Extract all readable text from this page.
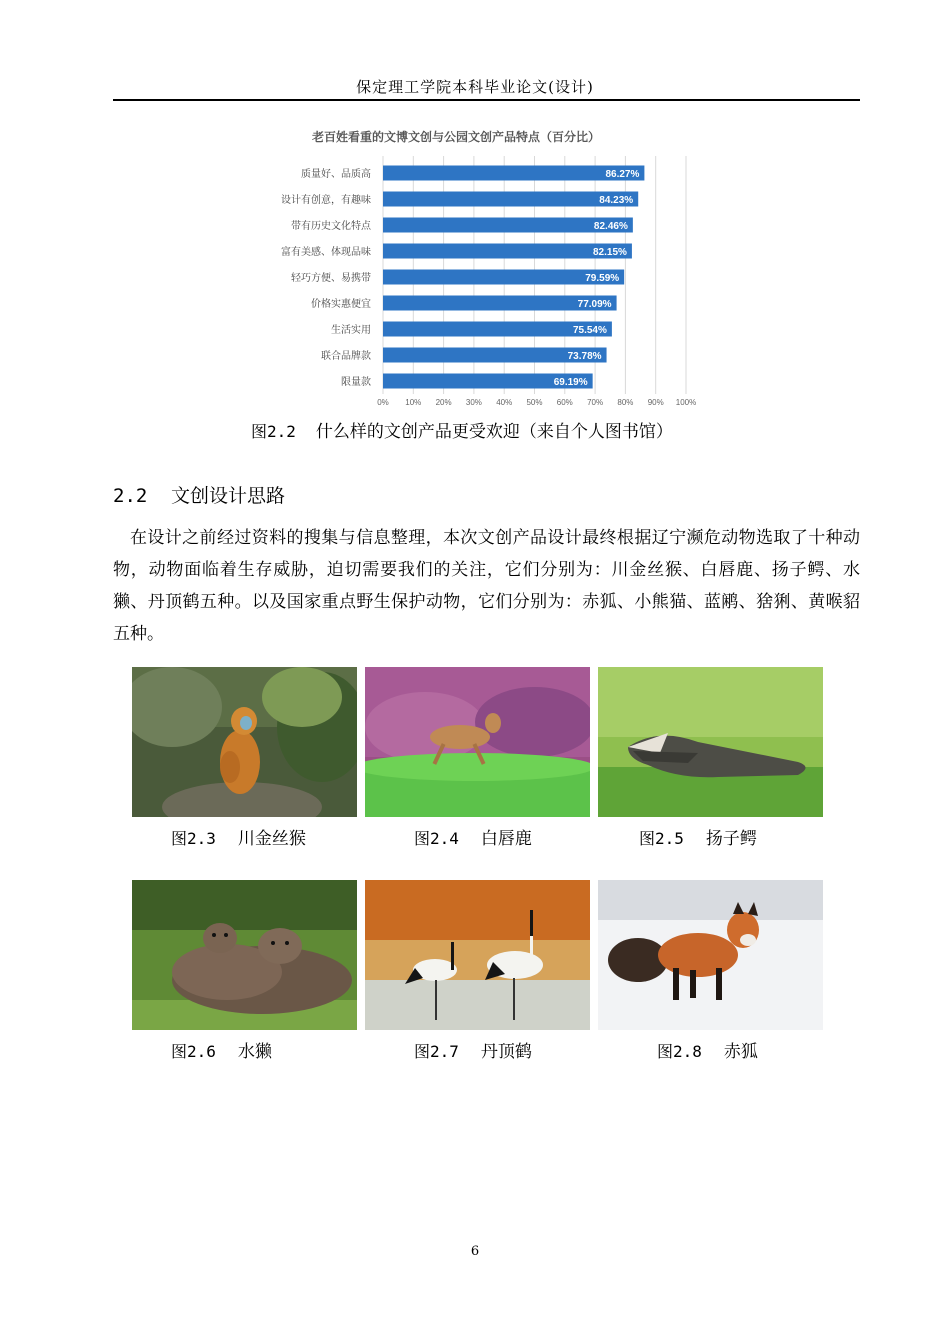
保定理工学院本科毕业论文(设计)
老百姓看重的文博文创与公园文创产品特点（百分比）
0% 10% 20% 30% 40% 50% 60% 70% 80% 90% 100%
86.27%
质量好、品质高
84.23%
设计有创意，有趣味
82.46%
带有历史文化特点
82.15%
富有美感、体现品味
79.59%
轻巧方便、易携带
77.09%
价格实惠便宜
75.54%
生活实用
73.78%
联合品牌款
69.19%
限量款
图2.2 什么样的文创产品更受欢迎（来自个人图书馆）
2.2 文创设计思路
在设计之前经过资料的搜集与信息整理，本次文创产品设计最终根据辽宁濒危动物选取了十种动物，动物面临着生存威胁，迫切需要我们的关注，它们分别为：川金丝猴、白唇鹿、扬子鳄、水獭、丹顶鹤五种。以及国家重点野生保护动物，它们分别为：赤狐、小熊猫、蓝鹇、猞猁、黄喉貂五种。
图2.3 川金丝猴	图2.4 白唇鹿	图2.5 扬子鳄
图2.6 水獭	图2.7 丹顶鹤	图2.8 赤狐
6
